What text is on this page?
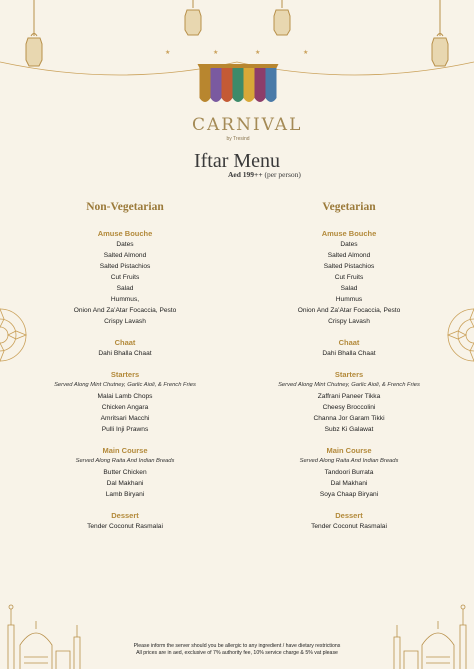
★	★	★	★
CARNIVAL
by Tresind
Iftar Menu
Aed 199++ (per person)
Non-Vegetarian
Amuse Bouche
Dates
Salted Almond
Salted Pistachios
Cut Fruits
Salad
Hummus,
Onion And Za’Atar Focaccia, Pesto
Crispy Lavash
Chaat
Dahi Bhalla Chaat
Starters
Served Along Mint Chutney, Garlic Aioli, & French Fries
Malai Lamb Chops
Chicken Angara
Amritsari Macchi
Pulli Inji Prawns
Main Course
Served Along Raita And Indian Breads
Butter Chicken
Dal Makhani
Lamb Biryani
Dessert
Tender Coconut Rasmalai
Vegetarian
Amuse Bouche
Dates
Salted Almond
Salted Pistachios
Cut Fruits
Salad
Hummus
Onion And Za’Atar Focaccia, Pesto
Crispy Lavash
Chaat
Dahi Bhalla Chaat
Starters
Served Along Mint Chutney, Garlic Aioli, & French Fries
Zaffrani Paneer Tikka
Cheesy Broccolini
Channa Jor Garam Tikki
Subz Ki Galawat
Main Course
Served Along Raita And Indian Breads
Tandoori Burrata
Dal Makhani
Soya Chaap Biryani
Dessert
Tender Coconut Rasmalai
Please inform the server should you be allergic to any ingredient / have dietary restrictions
All prices are in aed, exclusive of 7% authority fee, 10% service charge & 5% vat please
